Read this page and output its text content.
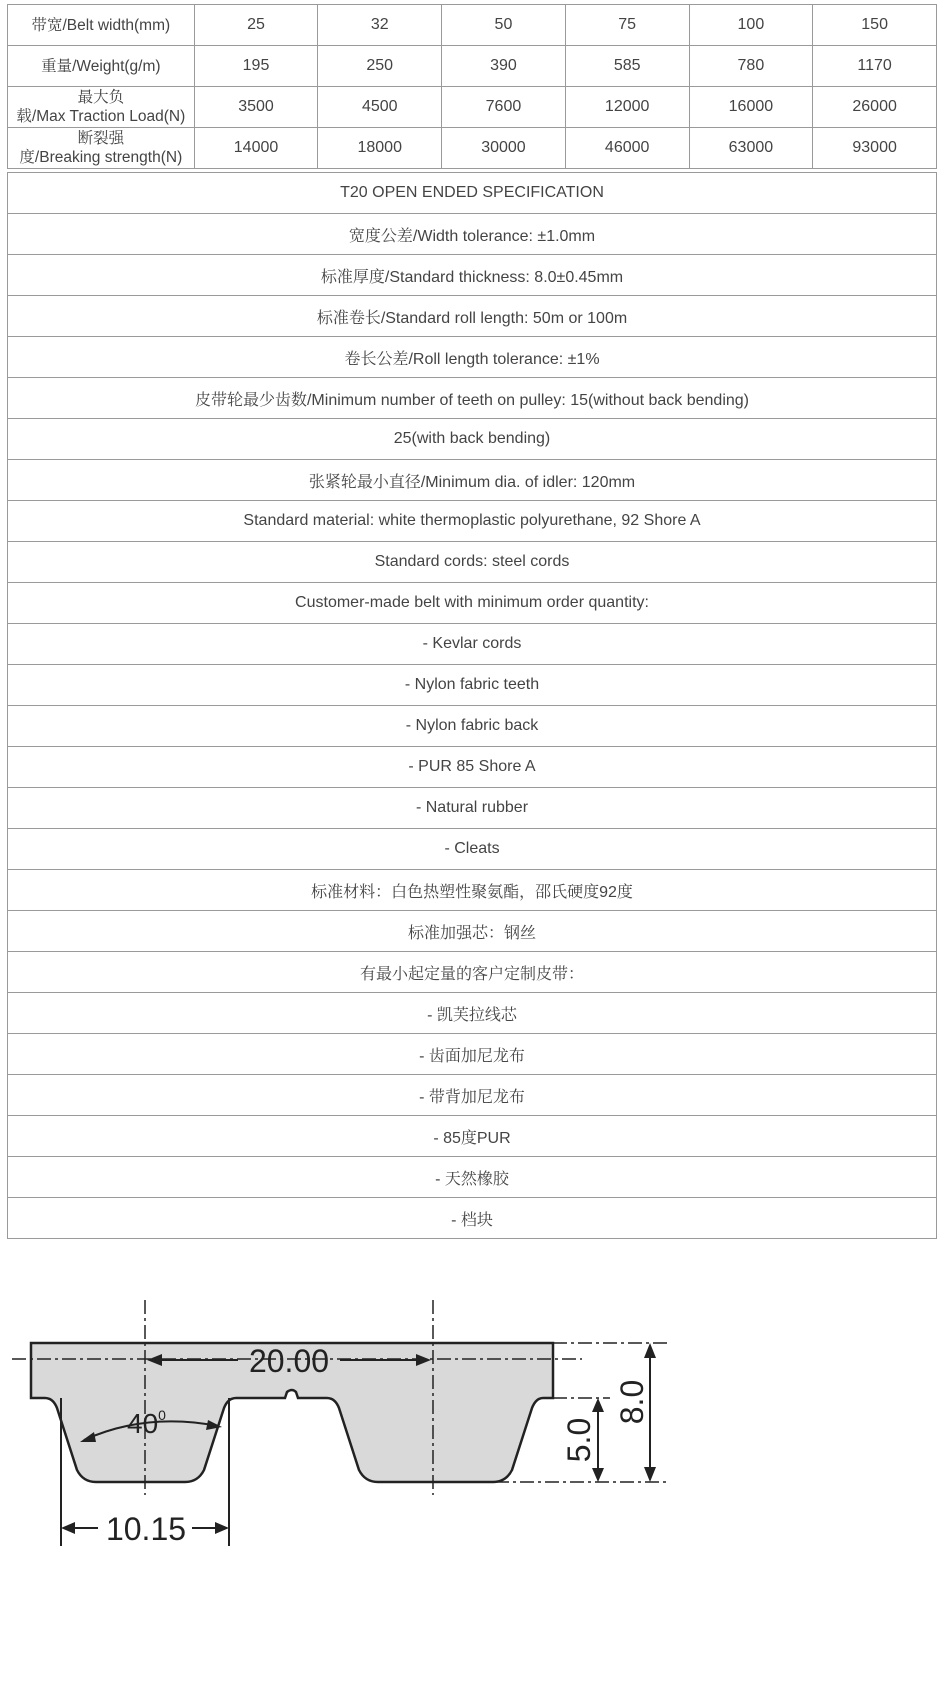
带宽/Belt width(mm)	25	32	50	75	100	150
重量/Weight(g/m)	195	250	390	585	780	1170
最大负
载/Max Traction Load(N)	3500	4500	7600	12000	16000	26000
断裂强
度/Breaking strength(N)	14000	18000	30000	46000	63000	93000
T20 OPEN ENDED SPECIFICATION
宽度公差/Width tolerance: ±1.0mm
标准厚度/Standard thickness: 8.0±0.45mm
标准卷长/Standard roll length: 50m or 100m
卷长公差/Roll length tolerance: ±1%
皮带轮最少齿数/Minimum number of teeth on pulley: 15(without back bending)
25(with back bending)
张紧轮最小直径/Minimum dia. of idler: 120mm
Standard material: white thermoplastic polyurethane, 92 Shore A
Standard cords: steel cords
Customer-made belt with minimum order quantity:
- Kevlar cords
- Nylon fabric teeth
- Nylon fabric back
- PUR 85 Shore A
- Natural rubber
- Cleats
标准材料：白色热塑性聚氨酯，邵氏硬度92度
标准加强芯：钢丝
有最小起定量的客户定制皮带：
- 凯芙拉线芯
- 齿面加尼龙布
- 带背加尼龙布
- 85度PUR
- 天然橡胶
- 档块
5.0
8.0
$40^0$
10.15
20.00
